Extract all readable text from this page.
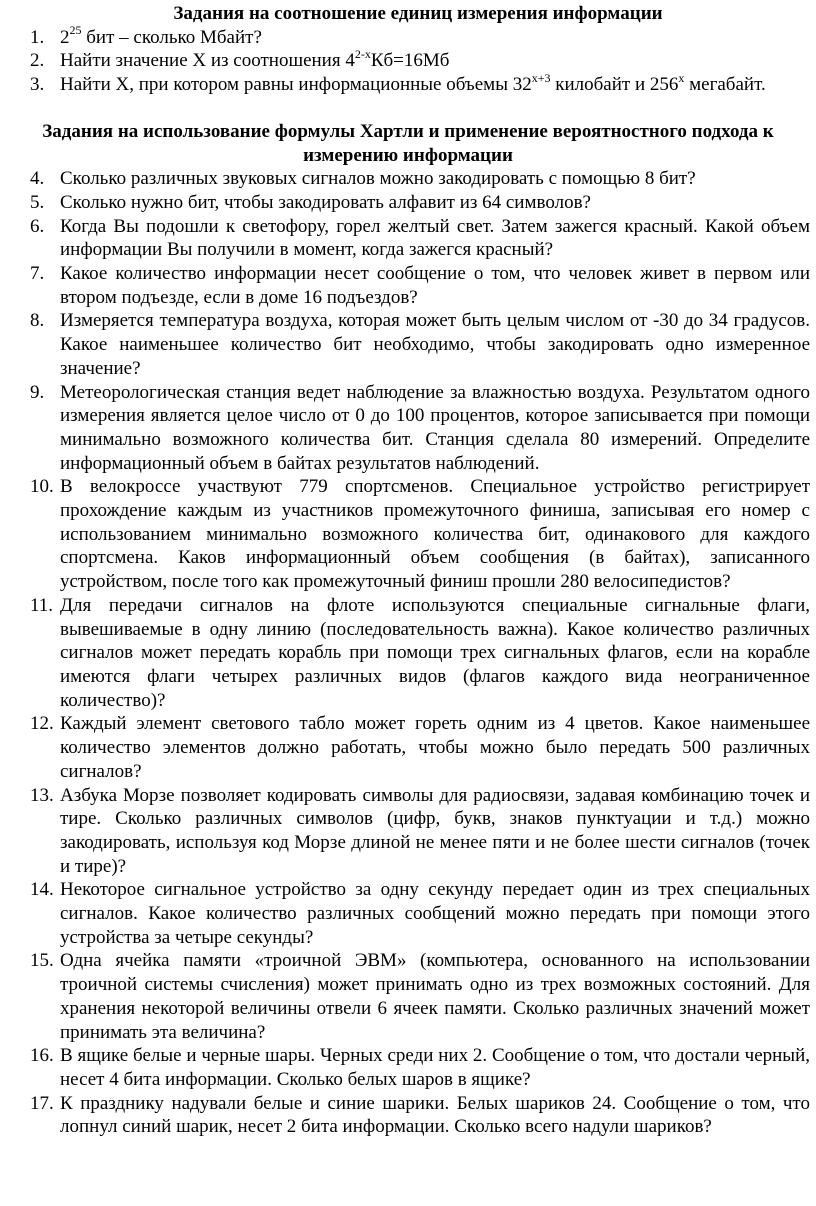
Задания на соотношение единиц измерения информации

1. $2^{25}$ бит – сколько Мбайт?
2. Найти значение Х из соотношения $4^{2-х}Кб=16Мб$
3. Найти Х, при котором равны информационные объемы $32^{х+3}$ килобайт и $256^х$ мегабайт.

Задания на использование формулы Хартли и применение вероятностного подхода к измерению информации

4. Сколько различных звуковых сигналов можно закодировать с помощью 8 бит?
5. Сколько нужно бит, чтобы закодировать алфавит из 64 символов?
6. Когда Вы подошли к светофору, горел желтый свет. Затем зажегся красный. Какой объем информации Вы получили в момент, когда зажегся красный?
7. Какое количество информации несет сообщение о том, что человек живет в первом или втором подъезде, если в доме 16 подъездов?
8. Измеряется температура воздуха, которая может быть целым числом от -30 до 34 градусов. Какое наименьшее количество бит необходимо, чтобы закодировать одно измеренное значение?
9. Метеорологическая станция ведет наблюдение за влажностью воздуха. Результатом одного измерения является целое число от 0 до 100 процентов, которое записывается при помощи минимально возможного количества бит. Станция сделала 80 измерений. Определите информационный объем в байтах результатов наблюдений.
10. В велокроссе участвуют 779 спортсменов. Специальное устройство регистрирует прохождение каждым из участников промежуточного финиша, записывая его номер с использованием минимально возможного количества бит, одинакового для каждого спортсмена. Каков информационный объем сообщения (в байтах), записанного устройством, после того как промежуточный финиш прошли 280 велосипедистов?
11. Для передачи сигналов на флоте используются специальные сигнальные флаги, вывешиваемые в одну линию (последовательность важна). Какое количество различных сигналов может передать корабль при помощи трех сигнальных флагов, если на корабле имеются флаги четырех различных видов (флагов каждого вида неограниченное количество)?
12. Каждый элемент светового табло может гореть одним из 4 цветов. Какое наименьшее количество элементов должно работать, чтобы можно было передать 500 различных сигналов?
13. Азбука Морзе позволяет кодировать символы для радиосвязи, задавая комбинацию точек и тире. Сколько различных символов (цифр, букв, знаков пунктуации и т.д.) можно закодировать, используя код Морзе длиной не менее пяти и не более шести сигналов (точек и тире)?
14. Некоторое сигнальное устройство за одну секунду передает один из трех специальных сигналов. Какое количество различных сообщений можно передать при помощи этого устройства за четыре секунды?
15. Одна ячейка памяти «троичной ЭВМ» (компьютера, основанного на использовании троичной системы счисления) может принимать одно из трех возможных состояний. Для хранения некоторой величины отвели 6 ячеек памяти. Сколько различных значений может принимать эта величина?
16. В ящике белые и черные шары. Черных среди них 2. Сообщение о том, что достали черный, несет 4 бита информации. Сколько белых шаров в ящике?
17. К празднику надували белые и синие шарики. Белых шариков 24. Сообщение о том, что лопнул синий шарик, несет 2 бита информации. Сколько всего надули шариков?
